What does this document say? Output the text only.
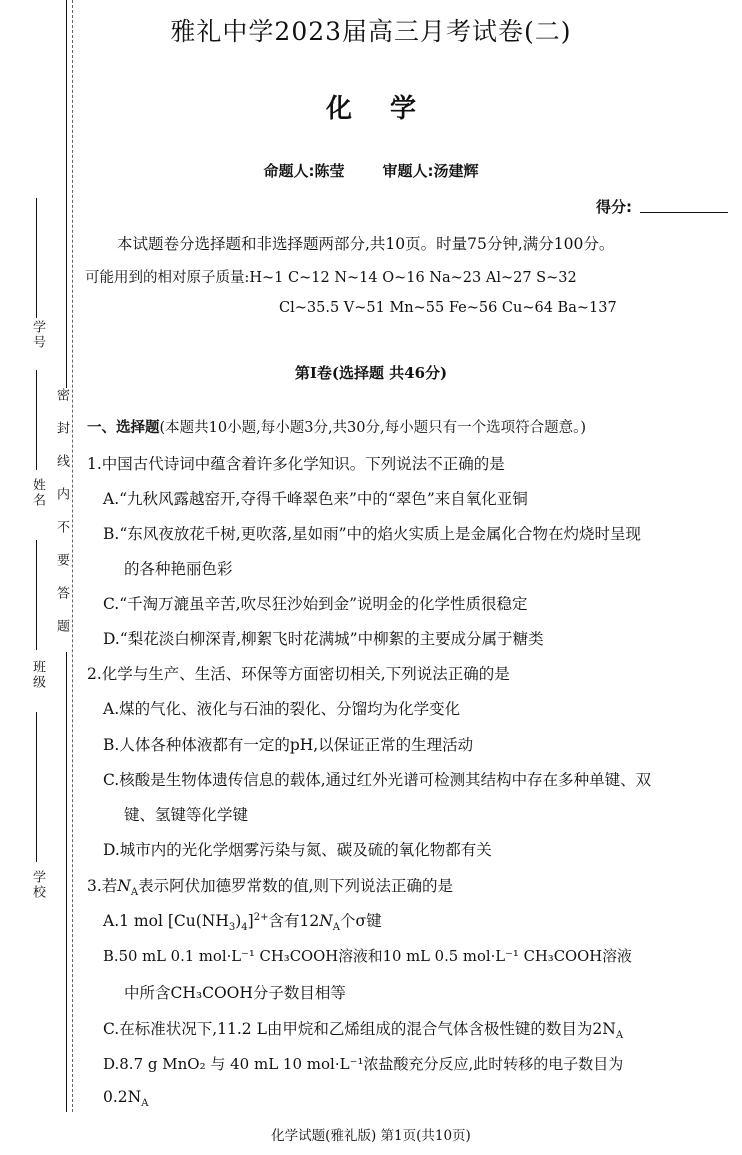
学号
姓名
班级
学校
密封线内不要答题
雅礼中学2023届高三月考试卷(二)
化学
命题人:陈莹	审题人:汤建辉
得分:
本试题卷分选择题和非选择题两部分,共10页。时量75分钟,满分100分。
可能用到的相对原子质量:H~1 C~12 N~14 O~16 Na~23 Al~27 S~32
Cl~35.5 V~51 Mn~55 Fe~56 Cu~64 Ba~137
第Ⅰ卷(选择题 共46分)
一、选择题(本题共10小题,每小题3分,共30分,每小题只有一个选项符合题意。)
1.中国古代诗词中蕴含着许多化学知识。下列说法不正确的是
A.“九秋风露越窑开,夺得千峰翠色来”中的“翠色”来自氧化亚铜
B.“东风夜放花千树,更吹落,星如雨”中的焰火实质上是金属化合物在灼烧时呈现
的各种艳丽色彩
C.“千淘万漉虽辛苦,吹尽狂沙始到金”说明金的化学性质很稳定
D.“梨花淡白柳深青,柳絮飞时花满城”中柳絮的主要成分属于糖类
2.化学与生产、生活、环保等方面密切相关,下列说法正确的是
A.煤的气化、液化与石油的裂化、分馏均为化学变化
B.人体各种体液都有一定的pH,以保证正常的生理活动
C.核酸是生物体遗传信息的载体,通过红外光谱可检测其结构中存在多种单键、双
键、氢键等化学键
D.城市内的光化学烟雾污染与氮、碳及硫的氧化物都有关
3.若$N_A$表示阿伏加德罗常数的值,则下列说法正确的是
A.1 mol $[Cu(NH_3)_4]^{2+}$含有$12N_A$个σ键
B.50 mL 0.1 mol·L⁻¹ CH₃COOH溶液和10 mL 0.5 mol·L⁻¹ CH₃COOH溶液
中所含CH₃COOH分子数目相等
C.在标准状况下,11.2 L由甲烷和乙烯组成的混合气体含极性键的数目为$2N_A$
D.8.7 g MnO₂ 与 40 mL 10 mol·L⁻¹浓盐酸充分反应,此时转移的电子数目为
$0.2N_A$
化学试题(雅礼版) 第1页(共10页)
